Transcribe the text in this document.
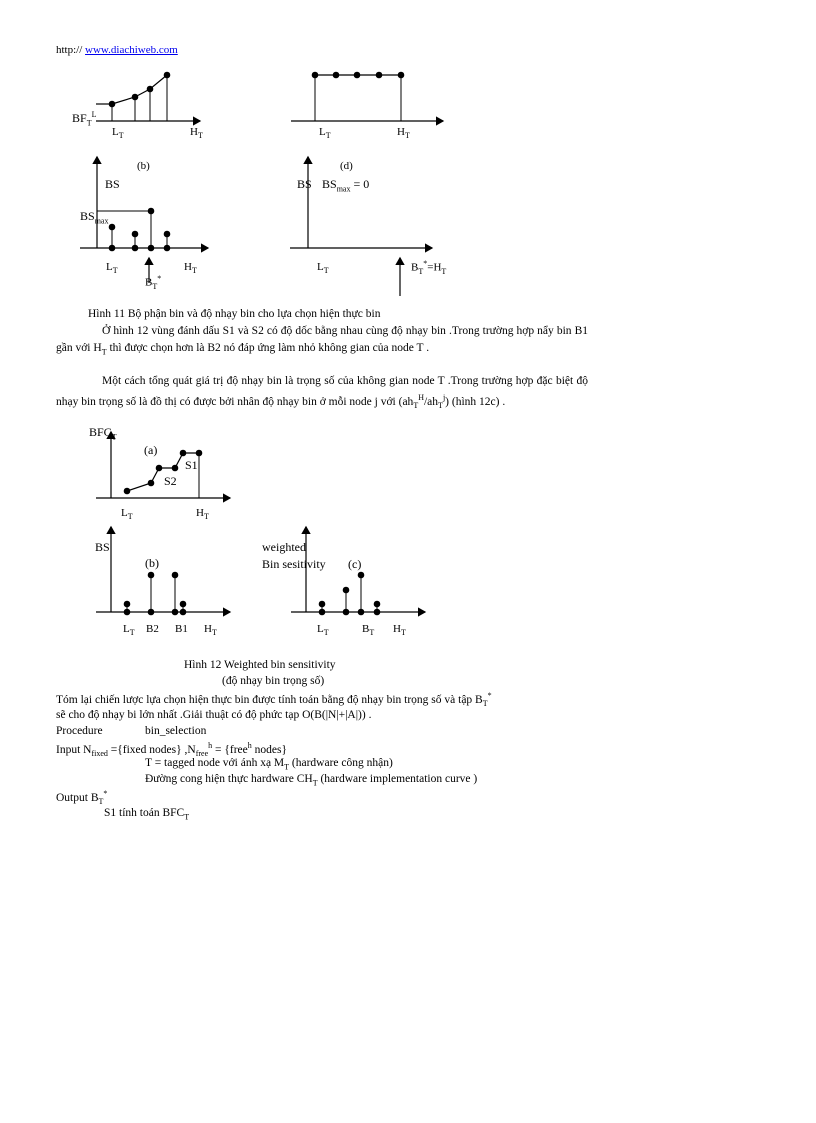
http:// www.diachiweb.com
$BF_T^L$
$L_T$	$H_T$	$L_T$	$H_T$
(b)
BS
$BS_{max}$
$L_T$	$H_T$
$B_T^*$
(d)
BS $BS_{max} = 0$
$L_T$	$B_T^*=H_T$
Hình 11 Bộ phận bin và độ nhạy bin cho lựa chọn hiện thực bin
Ở hình 12 vùng đánh dấu S1 và S2 có độ dốc bằng nhau cùng độ nhạy bin .Trong trường hợp nẩy bin B1 gần với $H_T$ thì được chọn hơn là B2 nó đáp ứng làm nhỏ không gian của node T .
Một cách tổng quát giá trị độ nhạy bin là trọng số của không gian node T .Trong trường hợp đặc biệt độ nhạy bin trọng số là đồ thị có được bởi nhân độ nhạy bin ở mỗi node j với $(ah_T^H/ah_T^j)$ (hình 12c) .
$BFC_T$
(a)
S1
S2
$L_T$	$H_T$
BS
(b)
$L_T$ B2 B1 $H_T$
weighted
Bin sesitivity (c)
$L_T$	$B_T$ $H_T$
Hình 12 Weighted bin sensitivity
(độ nhạy bin trọng số)
Tóm lại chiến lược lựa chọn hiện thực bin được tính toán bằng độ nhạy bin trọng số và tập $B_T^*$
sẽ cho độ nhạy bi lớn nhất .Giải thuật có độ phức tạp O(B(|N|+|A|)) .
Procedure	bin_selection
Input $N_{fixed}$ ={fixed nodes} $,N_{free}^h$ = {free$^h$ nodes}
T = tagged node với ánh xạ $M_T$ (hardware công nhận)
Đường cong hiện thực hardware $CH_T$ (hardware implementation curve )
Output $B_T^*$
S1 tính toán $BFC_T$
